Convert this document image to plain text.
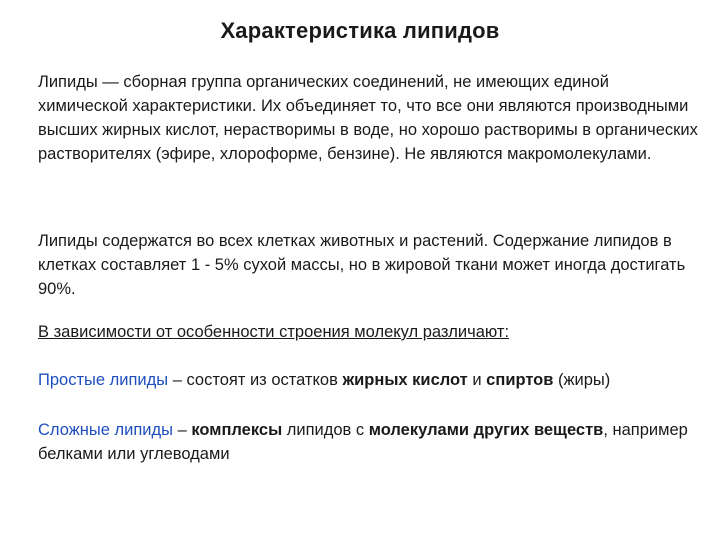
Характеристика липидов

Липиды — сборная группа органических соединений, не имеющих единой химической характеристики. Их объединяет то, что все они являются производными высших жирных кислот, нерастворимы в воде, но хорошо растворимы в органических растворителях (эфире, хлороформе, бензине). Не являются макромолекулами.

Липиды содержатся во всех клетках животных и растений. Содержание липидов в клетках составляет 1 - 5% сухой массы, но в жировой ткани может иногда достигать 90%.

В зависимости от особенности строения молекул различают:

Простые липиды – состоят из остатков жирных кислот и спиртов (жиры)

Сложные липиды – комплексы липидов с молекулами других веществ, например белками или углеводами
